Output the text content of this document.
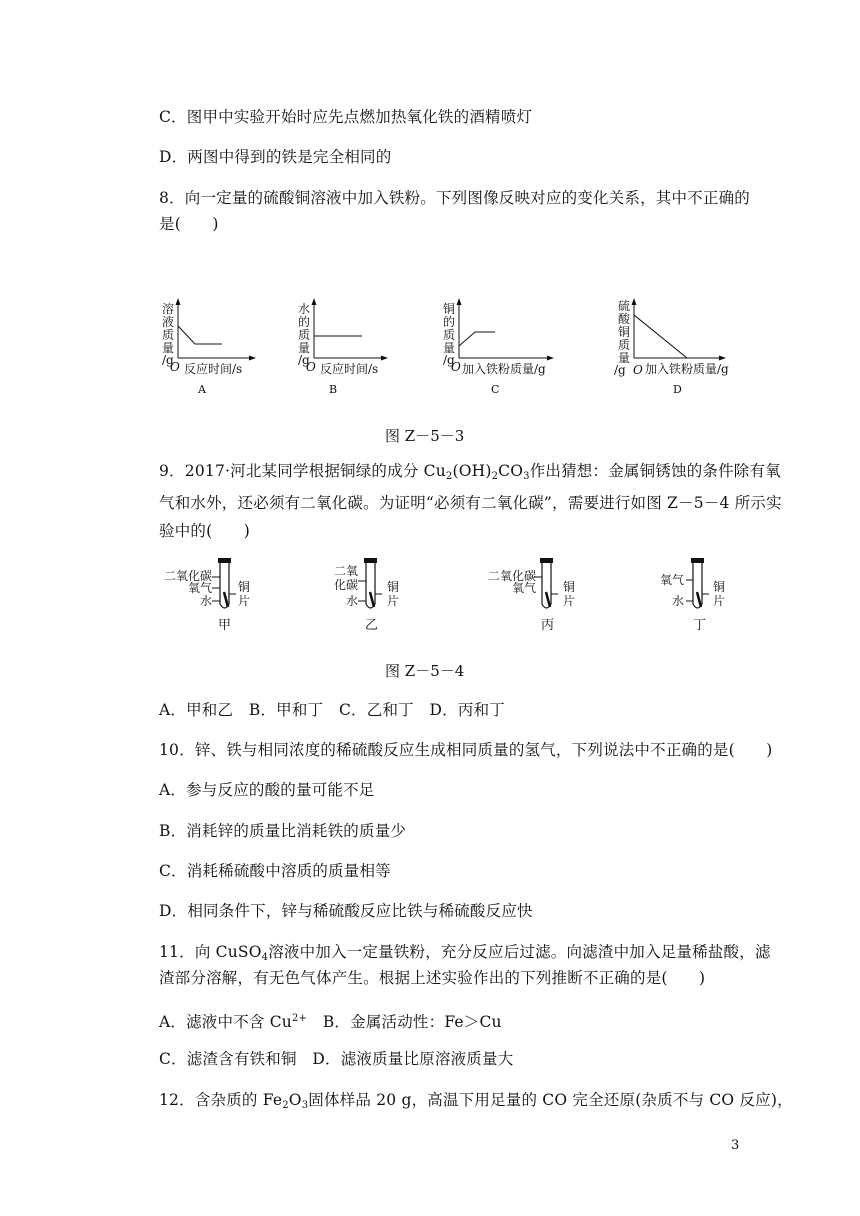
C．图甲中实验开始时应先点燃加热氧化铁的酒精喷灯
D．两图中得到的铁是完全相同的
8．向一定量的硫酸铜溶液中加入铁粉。下列图像反映对应的变化关系，其中不正确的
是(　　)
溶
液
质
量
/g
O 反应时间/s
A
水
的
质
量
/g
O 反应时间/s
B
铜
的
质
量
/g
O 加入铁粉质量/g
C
硫
酸
铜
质
量
/g O 加入铁粉质量/g
D
图 Z－5－3
9．2017·河北某同学根据铜绿的成分 $Cu_2(OH)_2CO_3$作出猜想：金属铜锈蚀的条件除有氧
气和水外，还必须有二氧化碳。为证明“必须有二氧化碳”，需要进行如图 Z－5－4 所示实
验中的(　　)
二氧化碳
氧气
水
铜
片
甲
二氧
化碳
水
铜
片
乙
二氧化碳
氧气 铜
片
丙
氧气
水
铜
片
丁
图 Z－5－4
A．甲和乙　B．甲和丁　C．乙和丁　D．丙和丁
10．锌、铁与相同浓度的稀硫酸反应生成相同质量的氢气，下列说法中不正确的是(　　)
A．参与反应的酸的量可能不足
B．消耗锌的质量比消耗铁的质量少
C．消耗稀硫酸中溶质的质量相等
D．相同条件下，锌与稀硫酸反应比铁与稀硫酸反应快
11．向 CuSO$_4$溶液中加入一定量铁粉，充分反应后过滤。向滤渣中加入足量稀盐酸，滤
渣部分溶解，有无色气体产生。根据上述实验作出的下列推断不正确的是(　　)
A．滤液中不含 $Cu^{2+}$　B．金属活动性：Fe＞Cu
C．滤渣含有铁和铜　D．滤液质量比原溶液质量大
12．含杂质的 $Fe_2O_3$固体样品 20 g，高温下用足量的 CO 完全还原(杂质不与 CO 反应)，
3
